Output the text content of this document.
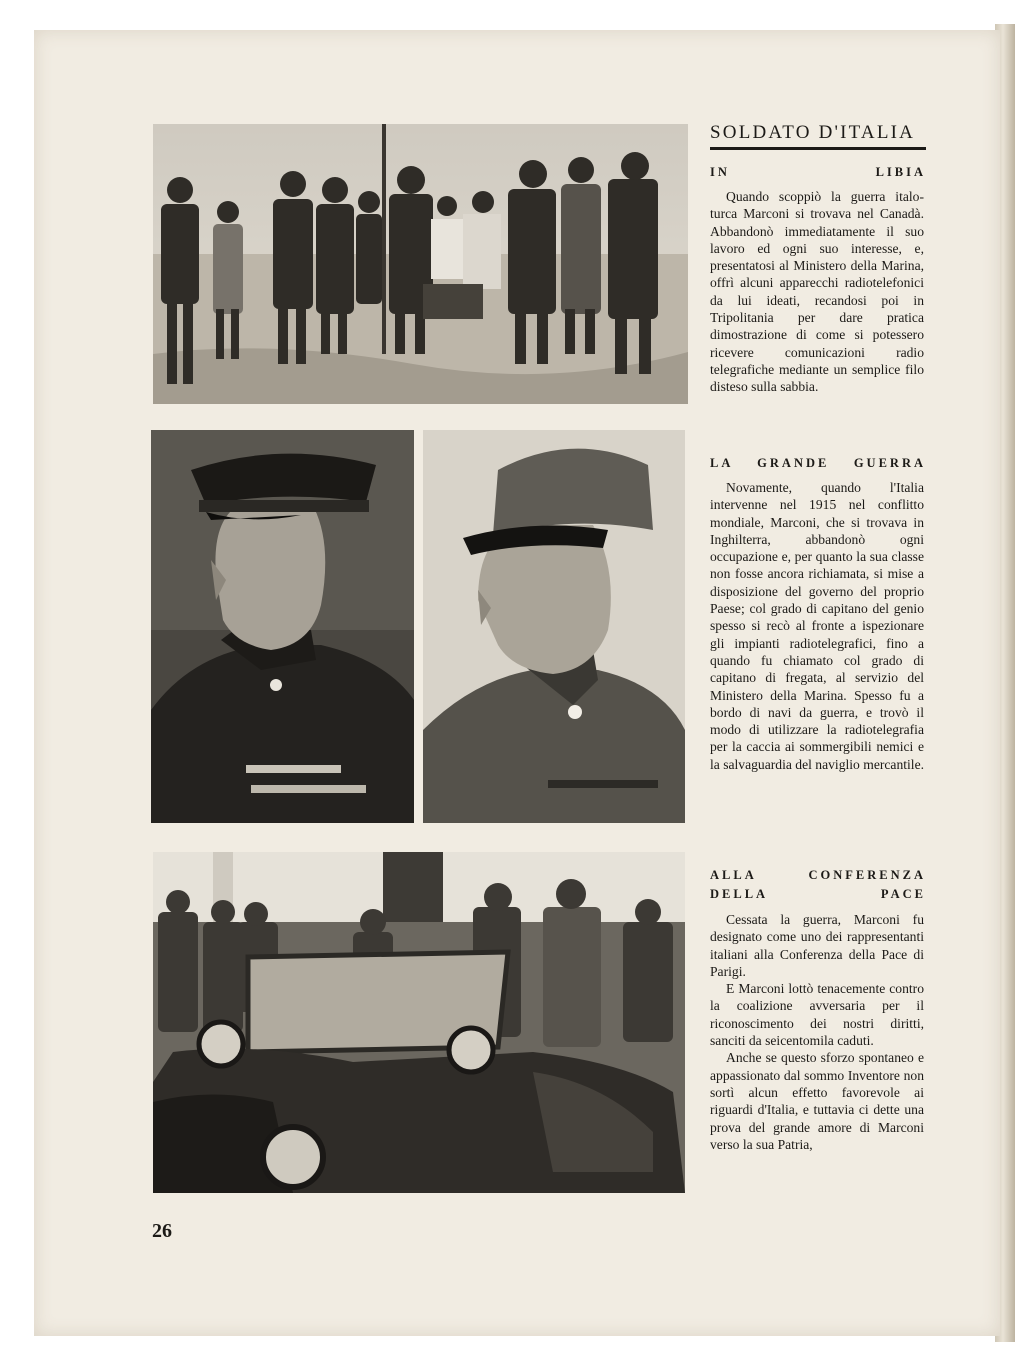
SOLDATO D'ITALIA
IN LIBIA

Quando scoppiò la guerra italo-turca Marconi si trovava nel Canadà. Abbandonò immediatamente il suo lavoro ed ogni suo interesse, e, presentatosi al Ministero della Marina, offrì alcuni apparecchi radiotelefonici da lui ideati, recandosi poi in Tripolitania per dare pratica dimostrazione di come si potessero ricevere comunicazioni radio telegrafiche mediante un semplice filo disteso sulla sabbia.

LA GRANDE GUERRA

Novamente, quando l'Italia intervenne nel 1915 nel conflitto mondiale, Marconi, che si trovava in Inghilterra, abbandonò ogni occupazione e, per quanto la sua classe non fosse ancora richiamata, si mise a disposizione del governo del proprio Paese; col grado di capitano del genio spesso si recò al fronte a ispezionare gli impianti radiotelegrafici, fino a quando fu chiamato col grado di capitano di fregata, al servizio del Ministero della Marina. Spesso fu a bordo di navi da guerra, e trovò il modo di utilizzare la radiotelegrafia per la caccia ai sommergibili nemici e la salvaguardia del naviglio mercantile.

ALLA CONFERENZA
DELLA PACE

Cessata la guerra, Marconi fu designato come uno dei rappresentanti italiani alla Conferenza della Pace di Parigi.

E Marconi lottò tenacemente contro la coalizione avversaria per il riconoscimento dei nostri diritti, sanciti da seicentomila caduti.

Anche se questo sforzo spontaneo e appassionato dal sommo Inventore non sortì alcun effetto favorevole ai riguardi d'Italia, e tuttavia ci dette una prova del grande amore di Marconi verso la sua Patria,

26
